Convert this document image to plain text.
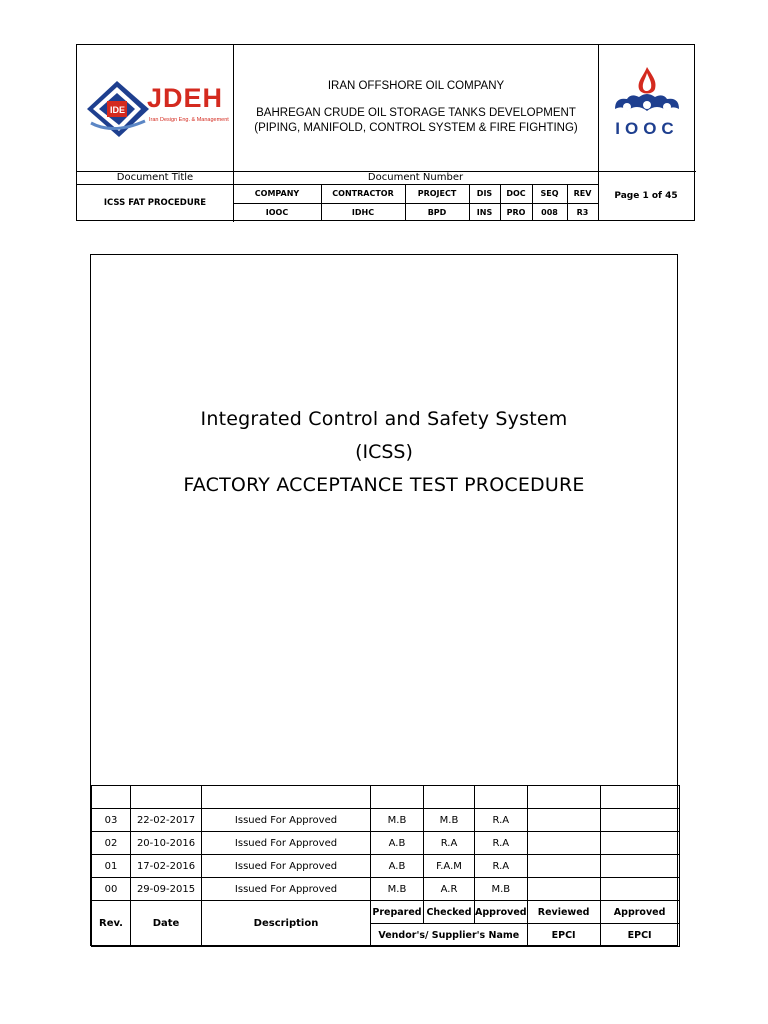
IDE JDEH
Iran Design Eng. & Management
IRAN OFFSHORE OIL COMPANY
BAHREGAN CRUDE OIL STORAGE TANKS DEVELOPMENT
(PIPING, MANIFOLD, CONTROL SYSTEM & FIRE FIGHTING) IOOC
Document Title
ICSS FAT PROCEDURE
Document Number
COMPANY	CONTRACTOR	PROJECT	DIS	DOC	SEQ	REV
IOOC	IDHC	BPD	INS	PRO	008	R3
Page 1 of 45
Integrated Control and Safety System
(ICSS)
FACTORY ACCEPTANCE TEST PROCEDURE

03	22-02-2017	Issued For Approved	M.B	M.B	R.A		
02	20-10-2016	Issued For Approved	A.B	R.A	R.A		
01	17-02-2016	Issued For Approved	A.B	F.A.M	R.A		
00	29-09-2015	Issued For Approved	M.B	A.R	M.B		
Rev.	Date	Description	Prepared	Checked	Approved	Reviewed	Approved
			Vendor's/ Supplier's Name			EPCI	EPCI
